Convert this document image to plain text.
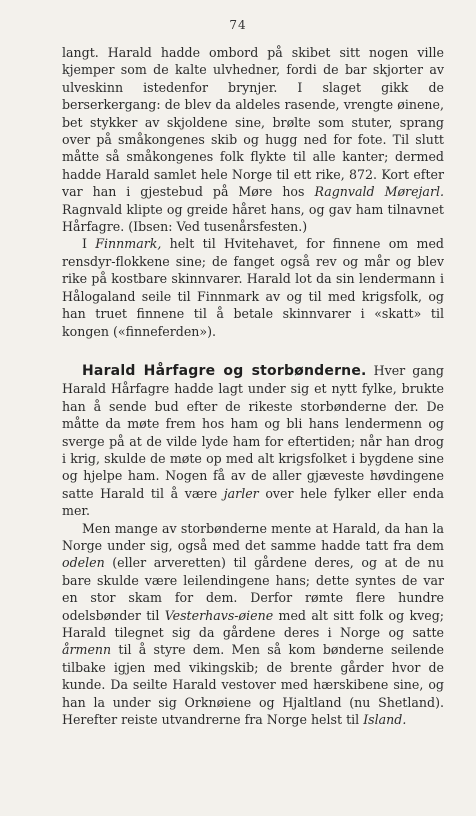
74

langt. Harald hadde ombord på skibet sitt nogen ville kjemper som de kalte ulvhedner, fordi de bar skjorter av ulveskinn istedenfor brynjer. I slaget gikk de berserkergang: de blev da aldeles rasende, vrengte øinene, bet stykker av skjoldene sine, brølte som stuter, sprang over på småkongenes skib og hugg ned for fote. Til slutt måtte så småkongenes folk flykte til alle kanter; dermed hadde Harald samlet hele Norge til ett rike, 872. Kort efter var han i gjestebud på Møre hos Ragnvald Mørejarl. Ragnvald klipte og greide håret hans, og gav ham tilnavnet Hårfagre. (Ibsen: Ved tusenårsfesten.)

I Finnmark, helt til Hvitehavet, for finnene om med rensdyr-flokkene sine; de fanget også rev og mår og blev rike på kostbare skinnvarer. Harald lot da sin lendermann i Hålogaland seile til Finnmark av og til med krigsfolk, og han truet finnene til å betale skinnvarer i «skatt» til kongen («finneferden»).

Harald Hårfagre og storbønderne. Hver gang Harald Hårfagre hadde lagt under sig et nytt fylke, brukte han å sende bud efter de rikeste storbønderne der. De måtte da møte frem hos ham og bli hans lendermenn og sverge på at de vilde lyde ham for eftertiden; når han drog i krig, skulde de møte op med alt krigsfolket i bygdene sine og hjelpe ham. Nogen få av de aller gjæveste høvdingene satte Harald til å være jarler over hele fylker eller enda mer.

Men mange av storbønderne mente at Harald, da han la Norge under sig, også med det samme hadde tatt fra dem odelen (eller arveretten) til gårdene deres, og at de nu bare skulde være leilendingene hans; dette syntes de var en stor skam for dem. Derfor rømte flere hundre odelsbønder til Vesterhavs-øiene med alt sitt folk og kveg; Harald tilegnet sig da gårdene deres i Norge og satte årmenn til å styre dem. Men så kom bønderne seilende tilbake igjen med vikingskib; de brente gårder hvor de kunde. Da seilte Harald vestover med hærskibene sine, og han la under sig Orknøiene og Hjaltland (nu Shetland). Herefter reiste utvandrerne fra Norge helst til Island.
